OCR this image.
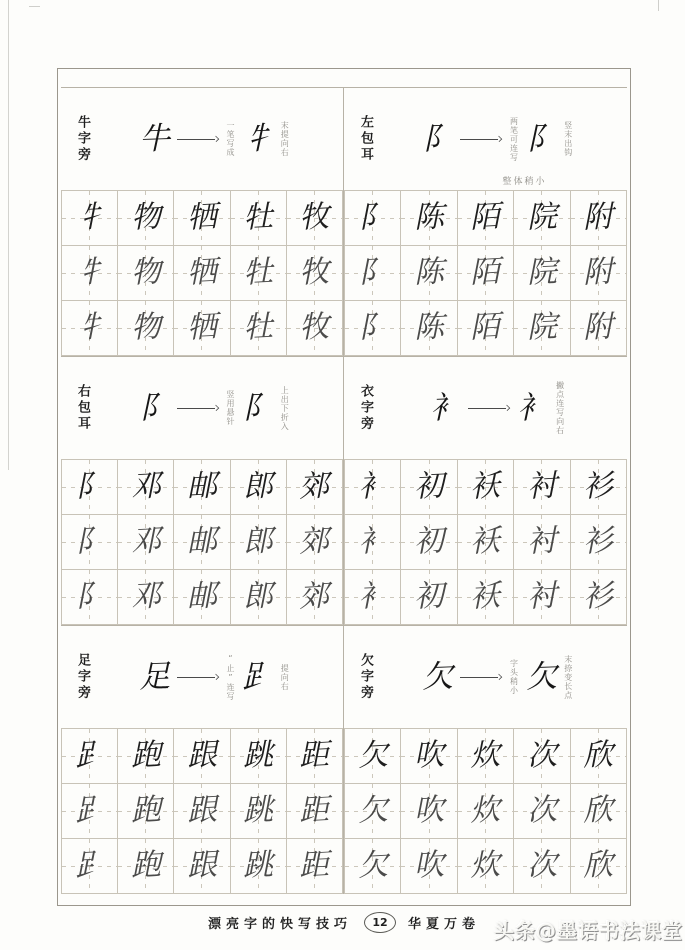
牛字旁 牛	一笔写成 牜 末提向右
牜 物 牺 牡 牧
牜 物 牺 牡 牧
牜 物 牺 牡 牧
左包耳 阝	两笔可连写 阝 竖末出钩
整体稍小
阝 陈 陌 院 附
阝 陈 陌 院 附
阝 陈 陌 院 附
右包耳 阝	竖用悬针 阝 上出下折入
阝 邓 邮 郎 郊
阝 邓 邮 郎 郊
阝 邓 邮 郎 郊
衣字旁 衤 衤 撇点连写向右
衤 初 袄 衬 衫
衤 初 袄 衬 衫
衤 初 袄 衬 衫
足字旁 足	“止”连写 𧾷 提向右
𧾷 跑 跟 跳 距
𧾷 跑 跟 跳 距
𧾷 跑 跟 跳 距
欠字旁 欠	字头稍小 欠 末捺变长点
欠 吹 炊 次 欣
欠 吹 炊 次 欣
欠 吹 炊 次 欣
漂亮字的快写技巧	12	华夏万卷 头条@墨语书法课堂
